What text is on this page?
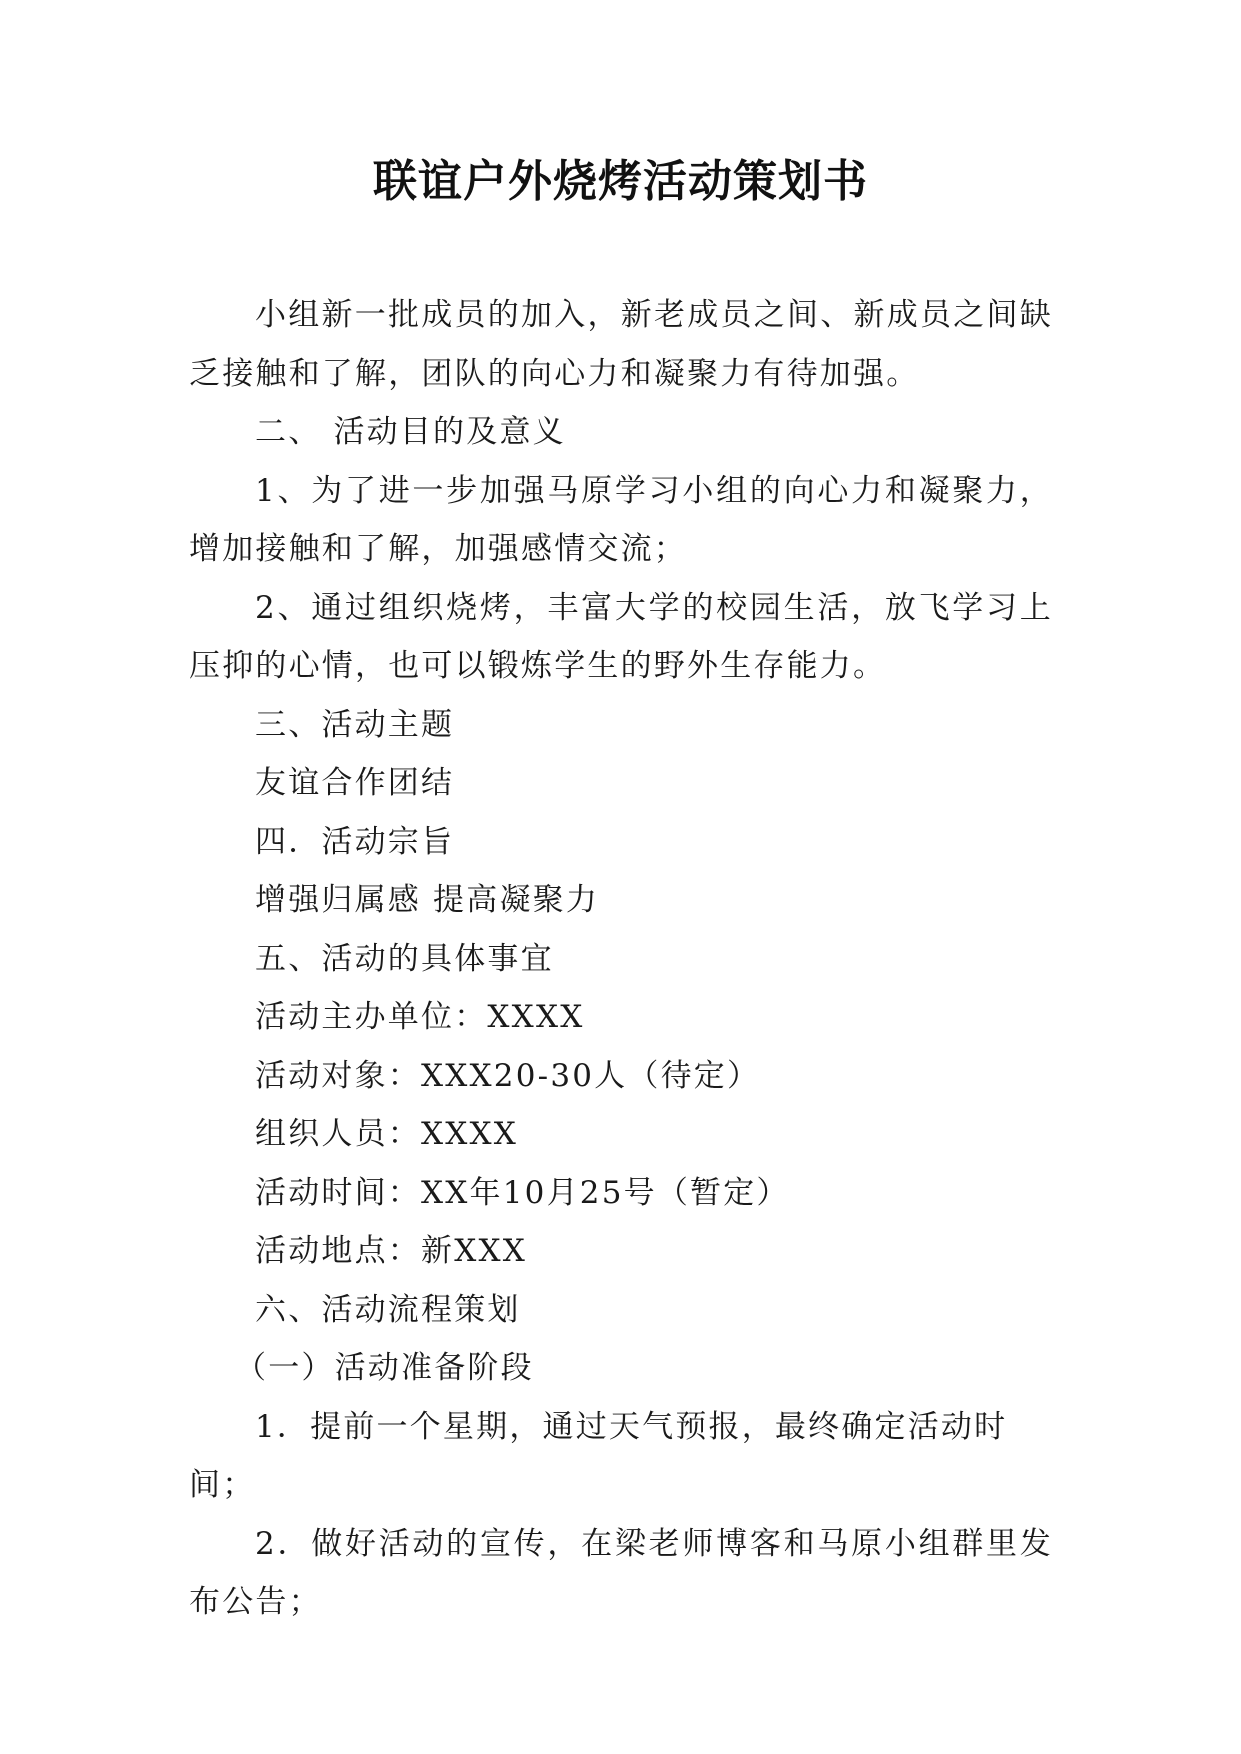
联谊户外烧烤活动策划书

小组新一批成员的加入，新老成员之间、新成员之间缺乏接触和了解，团队的向心力和凝聚力有待加强。

二、 活动目的及意义

1、为了进一步加强马原学习小组的向心力和凝聚力，增加接触和了解，加强感情交流；

2、通过组织烧烤，丰富大学的校园生活，放飞学习上压抑的心情，也可以锻炼学生的野外生存能力。

三、活动主题

友谊合作团结

四．活动宗旨

增强归属感 提高凝聚力

五、活动的具体事宜

活动主办单位：XXXX

活动对象：XXX20-30人（待定）

组织人员：XXXX

活动时间：XX年10月25号（暂定）

活动地点：新XXX

六、活动流程策划

（一）活动准备阶段

1．提前一个星期，通过天气预报，最终确定活动时间；

2．做好活动的宣传，在梁老师博客和马原小组群里发布公告；
